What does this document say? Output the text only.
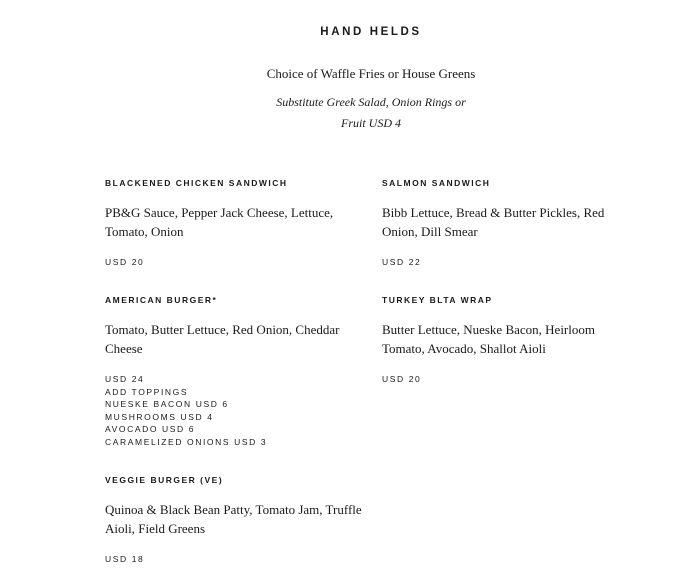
HAND HELDS

Choice of Waffle Fries or House Greens

Substitute Greek Salad, Onion Rings or
Fruit USD 4
BLACKENED CHICKEN SANDWICH

PB&G Sauce, Pepper Jack Cheese, Lettuce, Tomato, Onion

USD 20
SALMON SANDWICH

Bibb Lettuce, Bread & Butter Pickles, Red Onion, Dill Smear

USD 22
AMERICAN BURGER*

Tomato, Butter Lettuce, Red Onion, Cheddar Cheese

USD 24
ADD TOPPINGS
NUESKE BACON USD 6
MUSHROOMS USD 4
AVOCADO USD 6
CARAMELIZED ONIONS USD 3
TURKEY BLTA WRAP

Butter Lettuce, Nueske Bacon, Heirloom Tomato, Avocado, Shallot Aioli

USD 20
VEGGIE BURGER (VE)

Quinoa & Black Bean Patty, Tomato Jam, Truffle Aioli, Field Greens

USD 18
